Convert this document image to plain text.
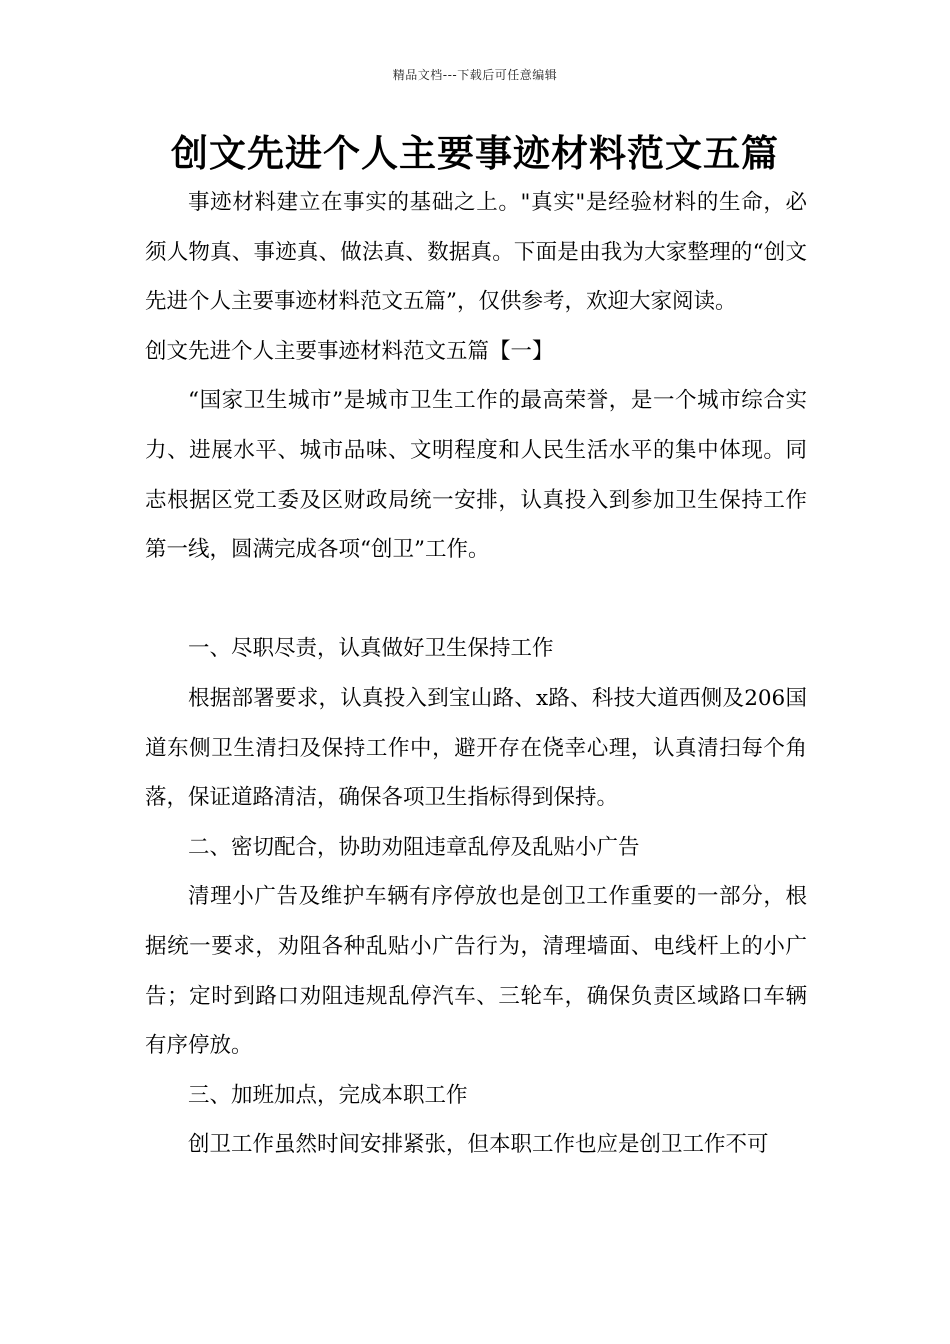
精品文档---下载后可任意编辑
创文先进个人主要事迹材料范文五篇

事迹材料建立在事实的基础之上。"真实"是经验材料的生命，必须人物真、事迹真、做法真、数据真。下面是由我为大家整理的“创文先进个人主要事迹材料范文五篇”，仅供参考，欢迎大家阅读。

创文先进个人主要事迹材料范文五篇【一】

“国家卫生城市”是城市卫生工作的最高荣誉，是一个城市综合实力、进展水平、城市品味、文明程度和人民生活水平的集中体现。同志根据区党工委及区财政局统一安排，认真投入到参加卫生保持工作第一线，圆满完成各项“创卫”工作。

一、尽职尽责，认真做好卫生保持工作

根据部署要求，认真投入到宝山路、x路、科技大道西侧及206国道东侧卫生清扫及保持工作中，避开存在侥幸心理，认真清扫每个角落，保证道路清洁，确保各项卫生指标得到保持。

二、密切配合，协助劝阻违章乱停及乱贴小广告

清理小广告及维护车辆有序停放也是创卫工作重要的一部分，根据统一要求，劝阻各种乱贴小广告行为，清理墙面、电线杆上的小广告；定时到路口劝阻违规乱停汽车、三轮车，确保负责区域路口车辆有序停放。

三、加班加点，完成本职工作

创卫工作虽然时间安排紧张，但本职工作也应是创卫工作不可
